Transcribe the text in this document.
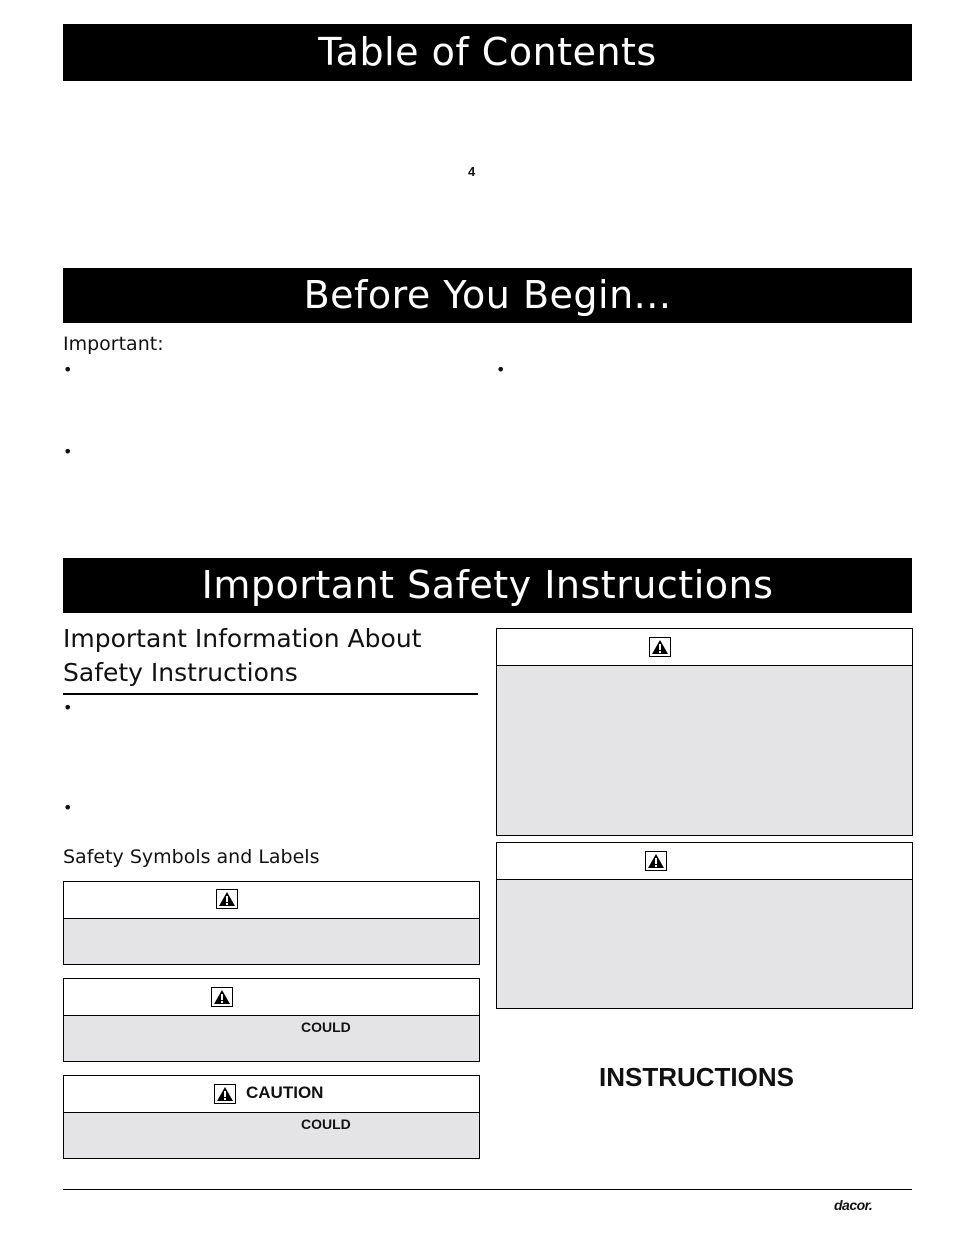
Table of Contents
4
Before You Begin...
Important:
•
•
•
Important Safety Instructions
Important Information About Safety Instructions
•
•
Safety Symbols and Labels
COULD
CAUTION
COULD
INSTRUCTIONS
dacor.
